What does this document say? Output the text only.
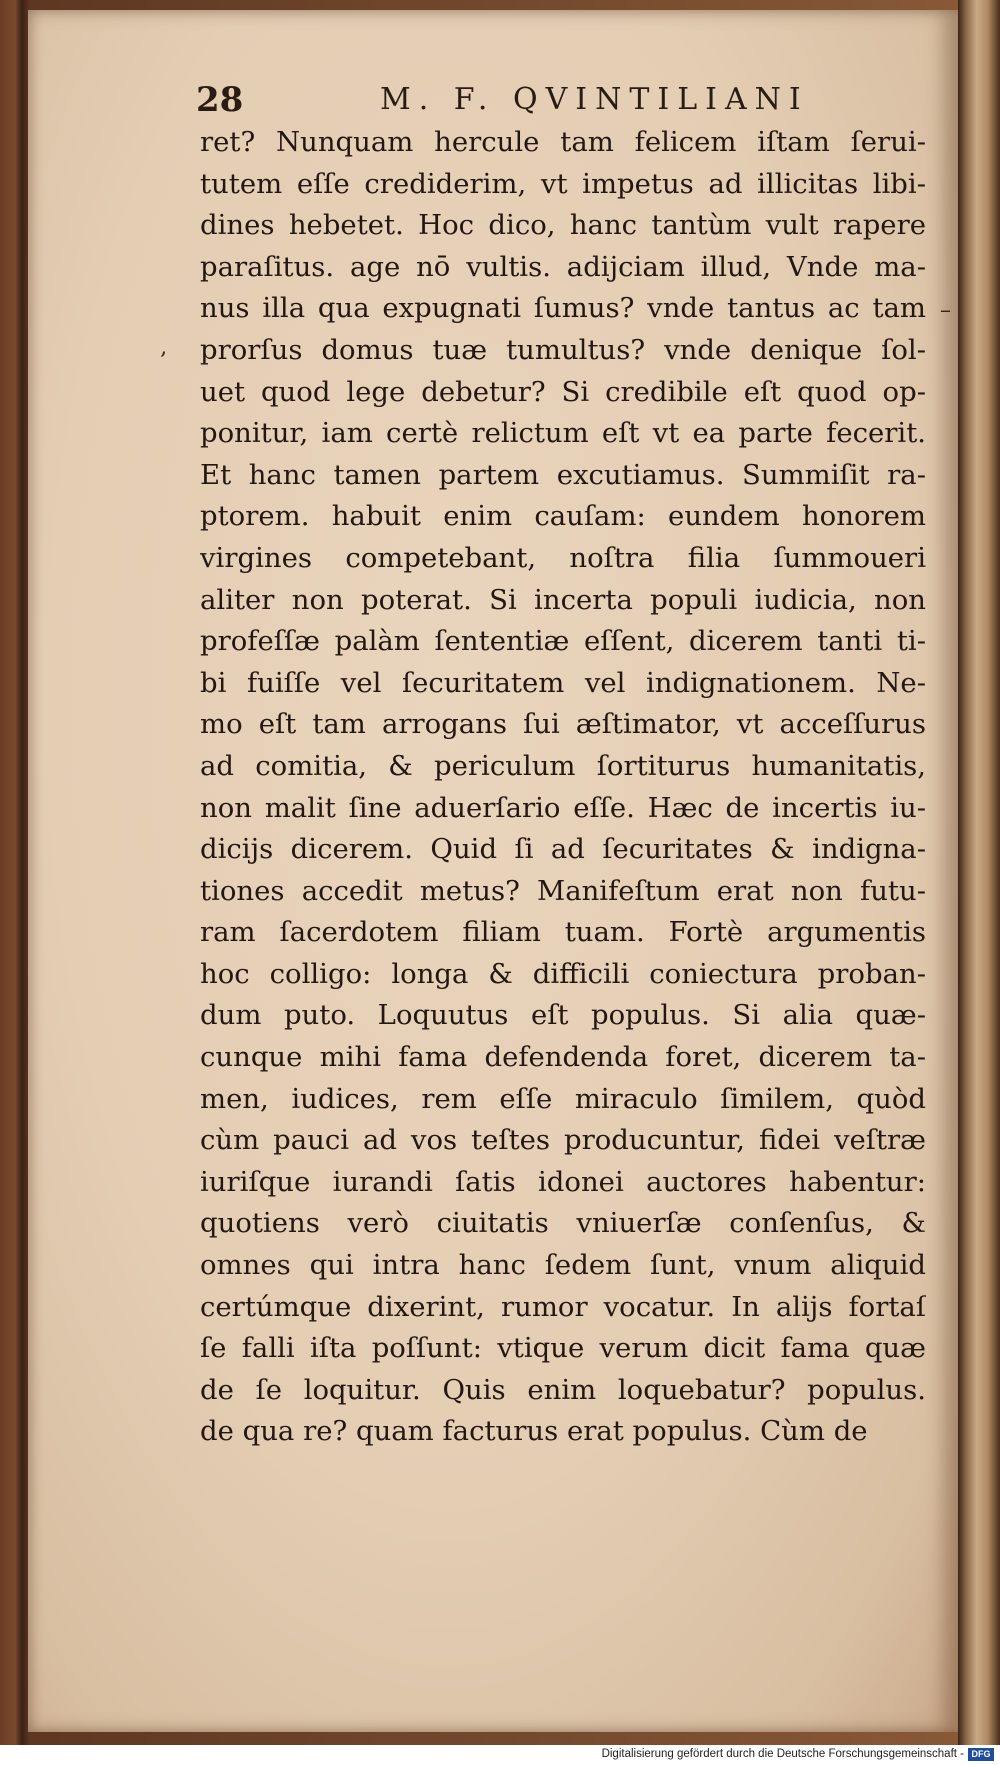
28	M. F. QVINTILIANI
ret? Nunquam hercule tam felicem iſtam ſerui-
tutem eſſe crediderim, vt impetus ad illicitas libi-
dines hebetet. Hoc dico, hanc tantùm vult rapere
paraſitus. age nō vultis. adijciam illud, Vnde ma-
nus illa qua expugnati ſumus? vnde tantus ac tam
prorſus domus tuæ tumultus? vnde denique ſol-
uet quod lege debetur? Si credibile eſt quod op-
ponitur, iam certè relictum eſt vt ea parte fecerit.
Et hanc tamen partem excutiamus. Summiſit ra-
ptorem. habuit enim cauſam: eundem honorem
virgines competebant, noſtra filia ſummoueri
aliter non poterat. Si incerta populi iudicia, non
profeſſæ palàm ſententiæ eſſent, dicerem tanti ti-
bi fuiſſe vel ſecuritatem vel indignationem. Ne-
mo eſt tam arrogans ſui æſtimator, vt acceſſurus
ad comitia, & periculum ſortiturus humanitatis,
non malit ſine aduerſario eſſe. Hæc de incertis iu-
dicijs dicerem. Quid ſi ad ſecuritates & indigna-
tiones accedit metus? Manifeſtum erat non futu-
ram ſacerdotem filiam tuam. Fortè argumentis
hoc colligo: longa & difficili coniectura proban-
dum puto. Loquutus eſt populus. Si alia quæ-
cunque mihi fama defendenda foret, dicerem ta-
men, iudices, rem eſſe miraculo ſimilem, quòd
cùm pauci ad vos teſtes producuntur, fidei veſtræ
iuriſque iurandi ſatis idonei auctores habentur:
quotiens verò ciuitatis vniuerſæ conſenſus, &
omnes qui intra hanc ſedem ſunt, vnum aliquid
certúmque dixerint, rumor vocatur. In alijs fortaſ
ſe falli iſta poſſunt: vtique verum dicit fama quæ
de ſe loquitur. Quis enim loquebatur? populus.
de qua re? quam facturus erat populus. Cùm de
‚
–
Digitalisierung gefördert durch die Deutsche Forschungsgemeinschaft - DFG
